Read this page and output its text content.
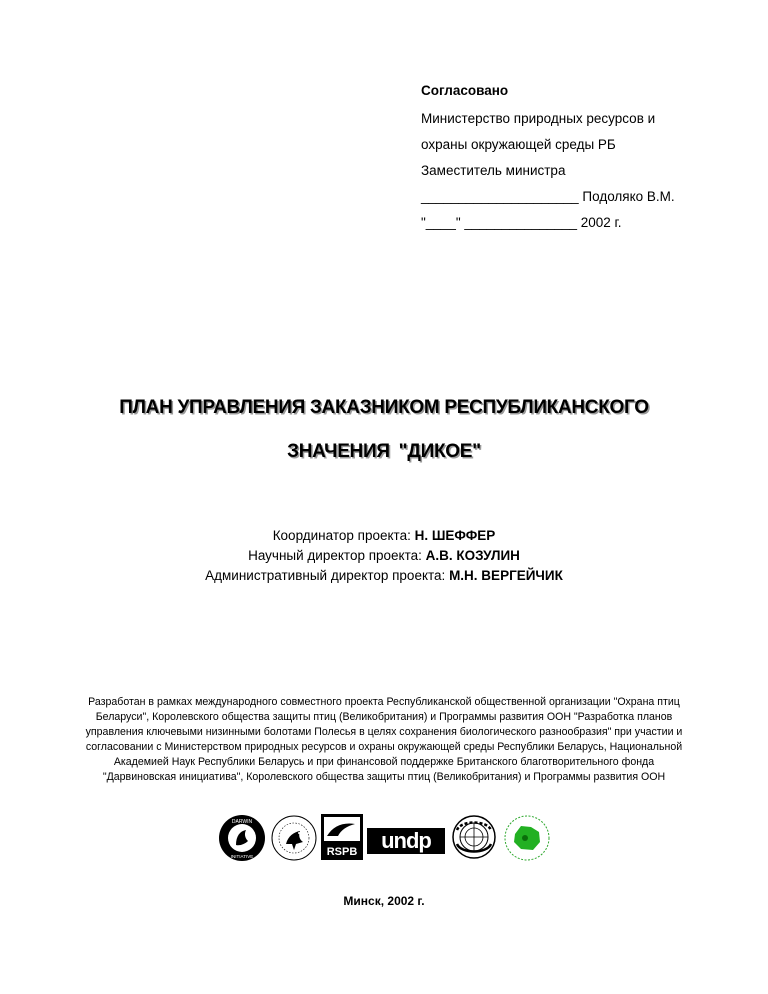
Согласовано
Министерство природных ресурсов и
охраны окружающей среды РБ
Заместитель министра
_____________________ Подоляко В.М.
"____" _______________ 2002 г.
ПЛАН УПРАВЛЕНИЯ ЗАКАЗНИКОМ РЕСПУБЛИКАНСКОГО
ЗНАЧЕНИЯ "ДИКОЕ"
Координатор проекта: Н. ШЕФФЕР
Научный директор проекта: А.В. КОЗУЛИН
Административный директор проекта: М.Н. ВЕРГЕЙЧИК
Разработан в рамках международного совместного проекта Республиканской общественной организации "Охрана птиц Беларуси", Королевского общества защиты птиц (Великобритания) и Программы развития ООН "Разработка планов управления ключевыми низинными болотами Полесья в целях сохранения биологического разнообразия" при участии и согласовании с Министерством природных ресурсов и охраны окружающей среды Республики Беларусь, Национальной Академией Наук Республики Беларусь и при финансовой поддержке Британского благотворительного фонда "Дарвиновская инициатива", Королевского общества защиты птиц (Великобритания) и Программы развития ООН
DARWIN
INITIATIVE	RSPB undp
Минск, 2002 г.
